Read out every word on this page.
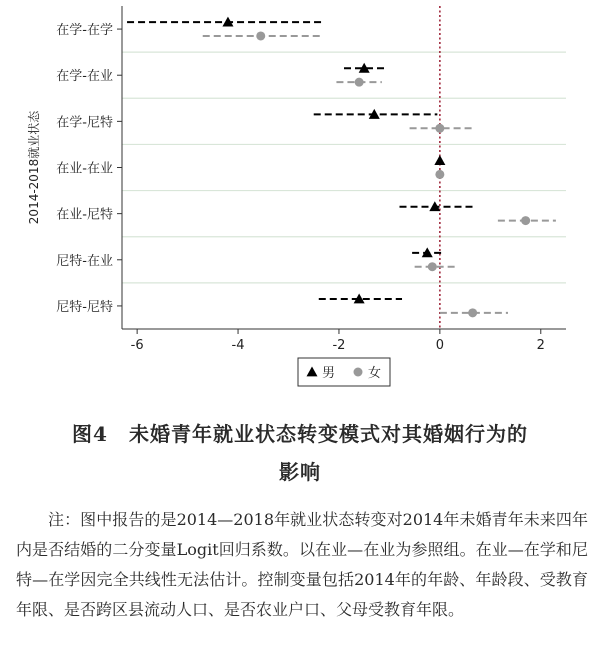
-6	-4	-2	0	2
在学-在学
在学-在业
在学-尼特
在业-在业
在业-尼特
尼特-在业
尼特-尼特
2014-2018就业状态
男	女
图4　未婚青年就业状态转变模式对其婚姻行为的
影响
注：图中报告的是2014—2018年就业状态转变对2014年未婚青年未来四年内是否结婚的二分变量Logit回归系数。以在业—在业为参照组。在业—在学和尼特—在学因完全共线性无法估计。控制变量包括2014年的年龄、年龄段、受教育年限、是否跨区县流动人口、是否农业户口、父母受教育年限。
